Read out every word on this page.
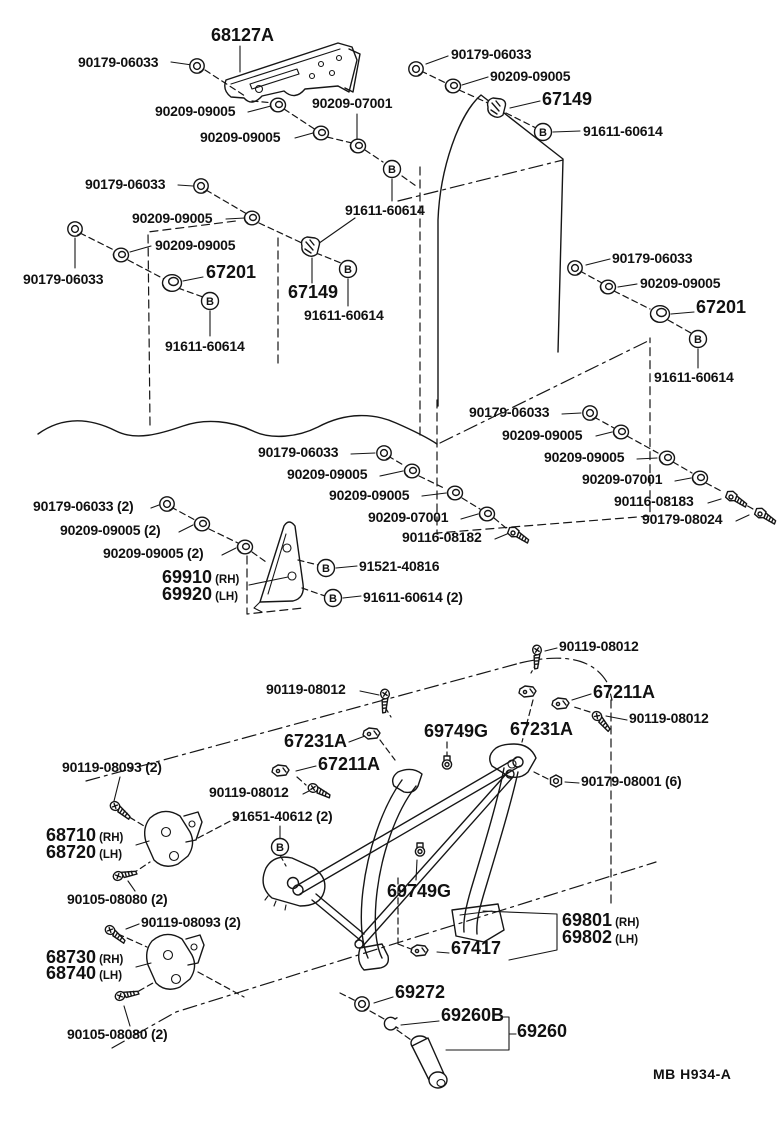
B
B
B
B
B
B
B
B
68127A
90179-06033	90179-06033
90209-09005
67149
91611-60614
90209-09005	90209-07001
90209-09005
90179-06033
90209-09005
90209-09005
90179-06033	67201
91611-60614
67149
91611-60614
91611-60614
90179-06033
90209-09005
67201
91611-60614
90179-06033
90209-09005
90209-09005
90209-07001
90116-08183
90179-08024
90179-06033
90209-09005
90209-09005
90209-07001
90116-08182
90179-06033 (2)
90209-09005 (2)
90209-09005 (2)
69910 (RH)
69920 (LH)
91521-40816
91611-60614 (2)
90119-08012
90119-08012	67211A
90119-08012
67231A	69749G 67231A
67211A
90119-08012
91651-40612 (2)
90179-08001 (6)
90119-08093 (2)
68710 (RH)
68720 (LH)
90105-08080 (2)
90119-08093 (2)
68730 (RH)
68740 (LH)
90105-08080 (2)
69749G
69801 (RH)
69802 (LH)
67417
69272
69260B
69260
MB H934-A
